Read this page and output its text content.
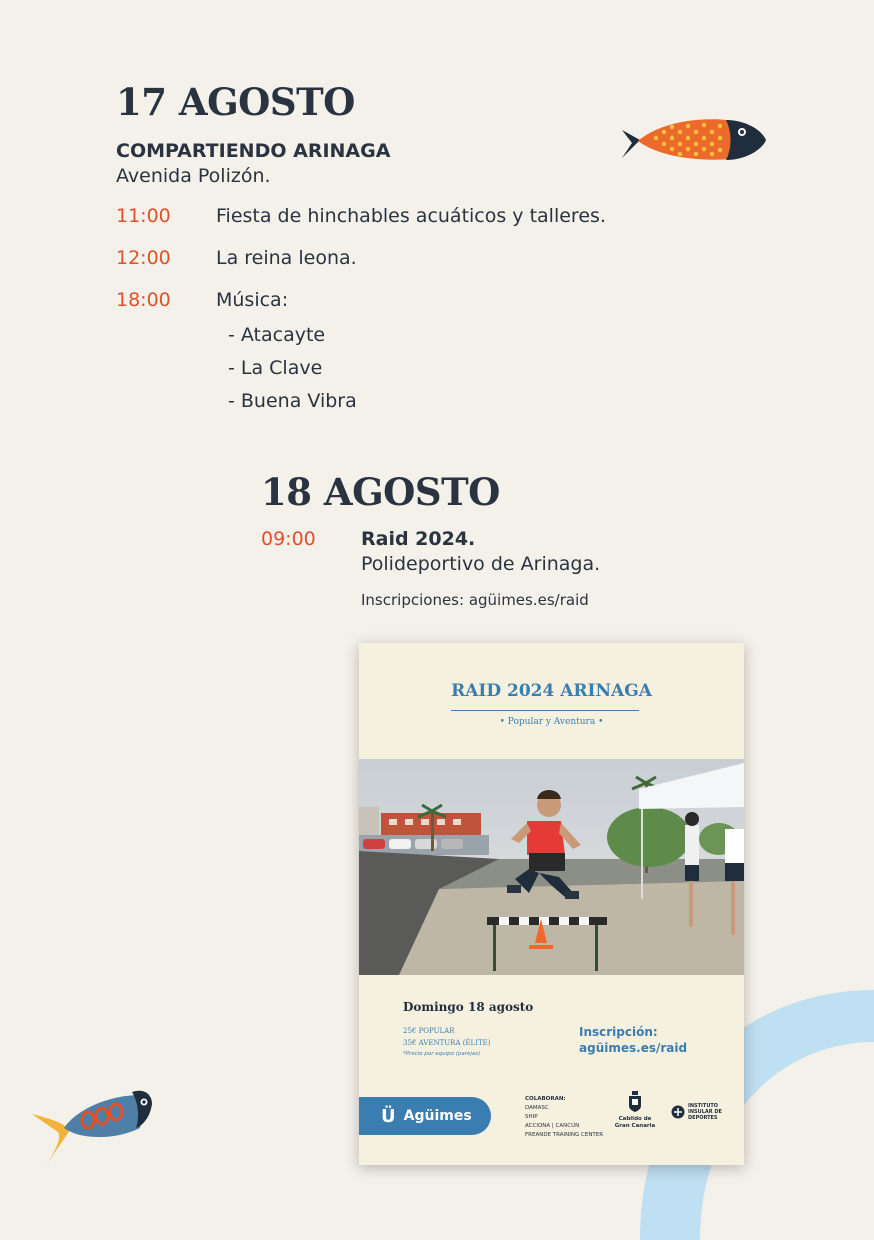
17 AGOSTO
COMPARTIENDO ARINAGA
Avenida Polizón.
11:00	Fiesta de hinchables acuáticos y talleres.
12:00	La reina leona.
18:00	Música:
- Atacayte
- La Clave
- Buena Vibra
18 AGOSTO
09:00 Raid 2024.
Polideportivo de Arinaga.
Inscripciones: agüimes.es/raid
RAID 2024 ARINAGA
• Popular y Aventura •
Domingo 18 agosto
25€ POPULAR
35€ AVENTURA (ÉLITE)
*Precio por equipo (parejas)
Inscripción:
agüimes.es/raid
Ü Agüimes
COLABORAN:
DAMASC
SHIP
ACCIONA | CANCÚN
FREANDE TRAINING CENTER
Cabildo de Gran Canaria
INSTITUTO INSULAR DE DEPORTES
